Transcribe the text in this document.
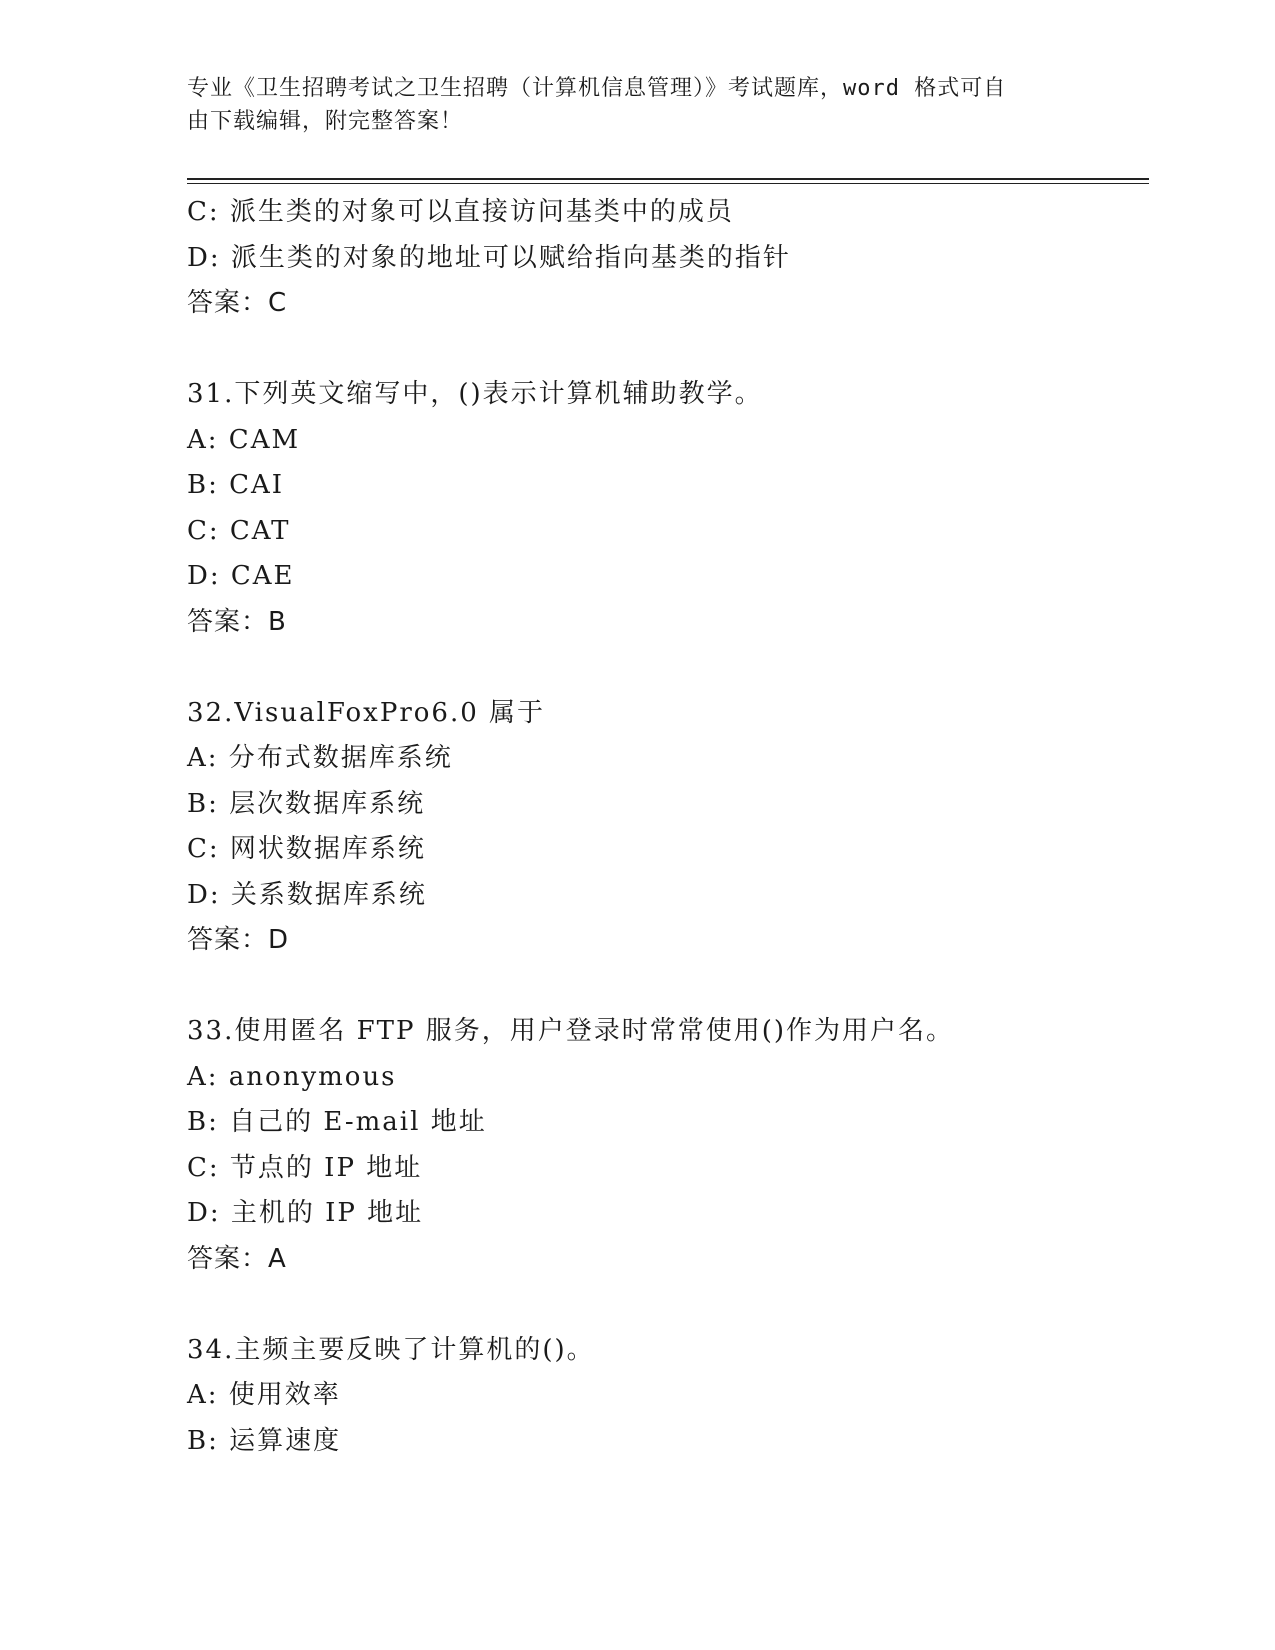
专业《卫生招聘考试之卫生招聘（计算机信息管理）》考试题库，word 格式可自
由下载编辑，附完整答案！
C: 派生类的对象可以直接访问基类中的成员
D: 派生类的对象的地址可以赋给指向基类的指针
答案：C
31.下列英文缩写中，()表示计算机辅助教学。
A: CAM
B: CAI
C: CAT
D: CAE
答案：B
32.VisualFoxPro6.0 属于
A: 分布式数据库系统
B: 层次数据库系统
C: 网状数据库系统
D: 关系数据库系统
答案：D
33.使用匿名 FTP 服务，用户登录时常常使用()作为用户名。
A: anonymous
B: 自己的 E-mail 地址
C: 节点的 IP 地址
D: 主机的 IP 地址
答案：A
34.主频主要反映了计算机的()。
A: 使用效率
B: 运算速度
